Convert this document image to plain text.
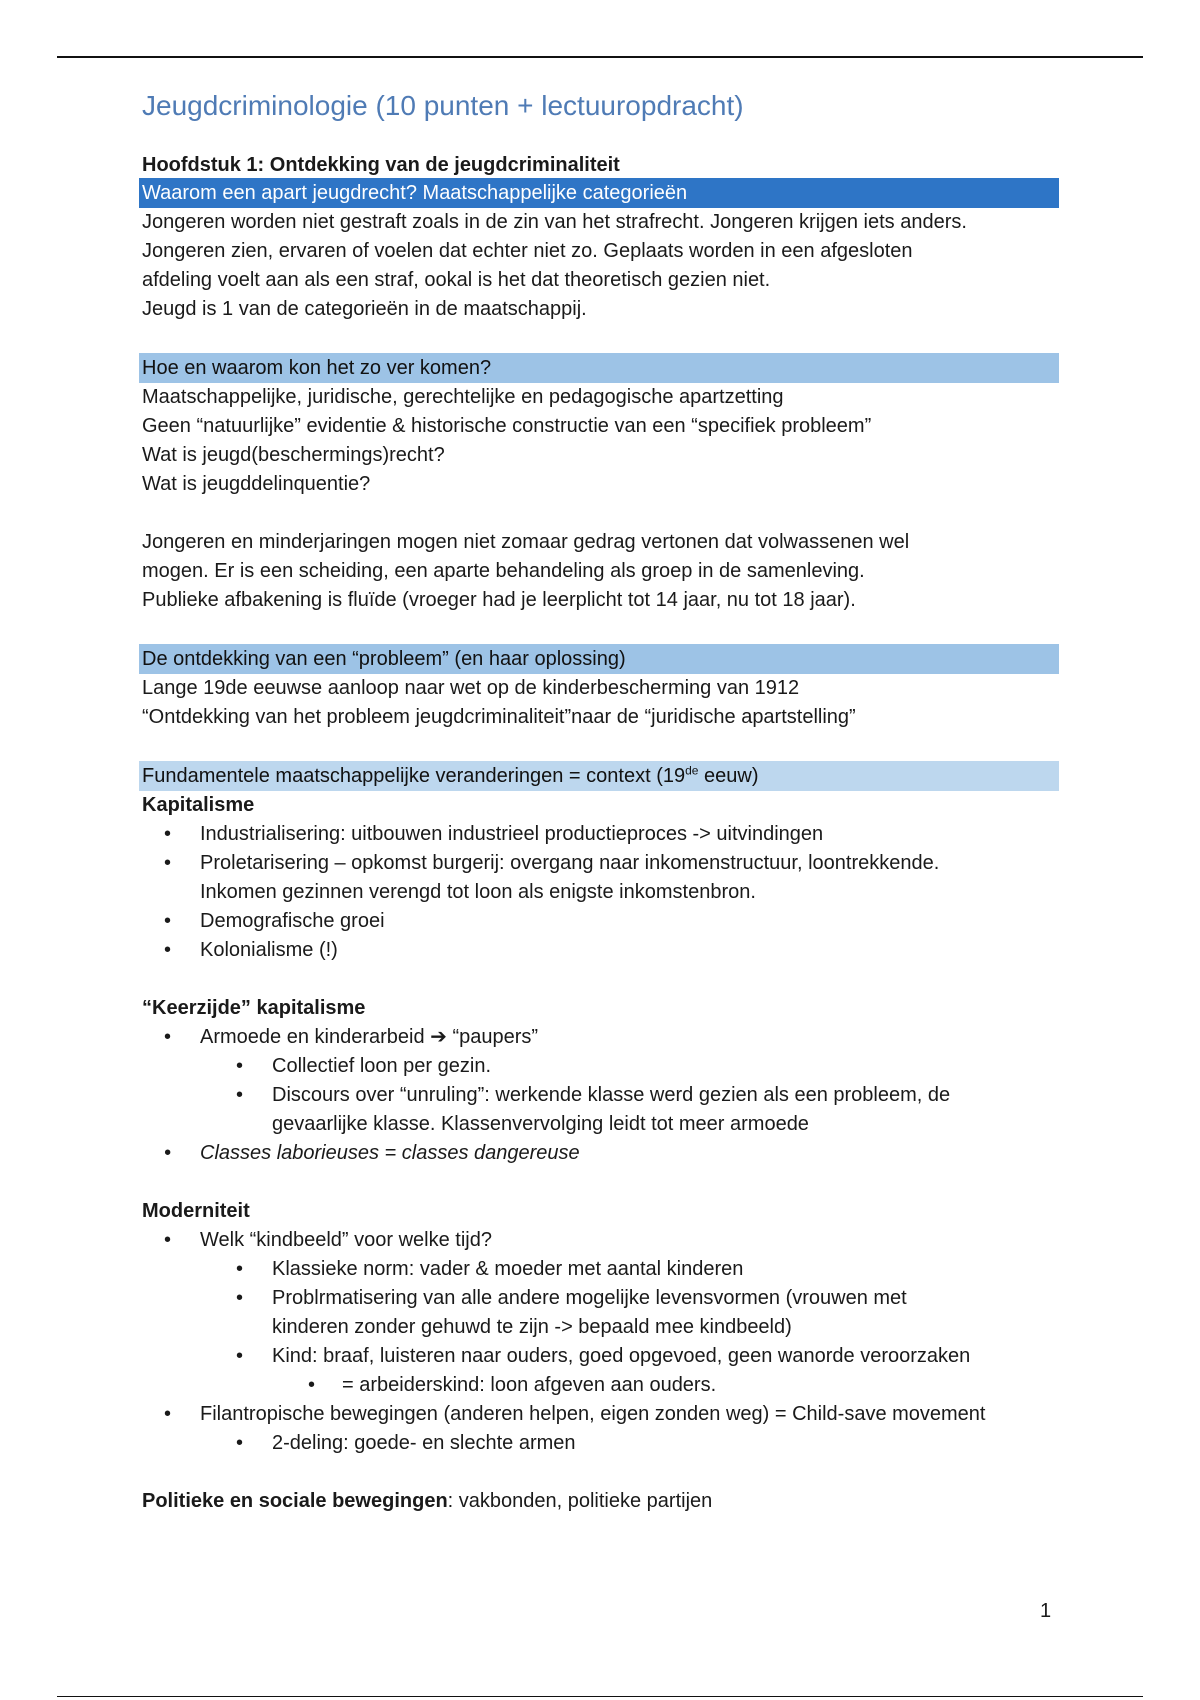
Jeugdcriminologie (10 punten + lectuuropdracht)
Hoofdstuk 1: Ontdekking van de jeugdcriminaliteit
Waarom een apart jeugdrecht? Maatschappelijke categorieën

Jongeren worden niet gestraft zoals in de zin van het strafrecht. Jongeren krijgen iets anders.

Jongeren zien, ervaren of voelen dat echter niet zo. Geplaats worden in een afgesloten

afdeling voelt aan als een straf, ookal is het dat theoretisch gezien niet.

Jeugd is 1 van de categorieën in de maatschappij.

Hoe en waarom kon het zo ver komen?

Maatschappelijke, juridische, gerechtelijke en pedagogische apartzetting

Geen “natuurlijke” evidentie & historische constructie van een “specifiek probleem”

Wat is jeugd(beschermings)recht?

Wat is jeugddelinquentie?

Jongeren en minderjaringen mogen niet zomaar gedrag vertonen dat volwassenen wel

mogen. Er is een scheiding, een aparte behandeling als groep in de samenleving.

Publieke afbakening is fluïde (vroeger had je leerplicht tot 14 jaar, nu tot 18 jaar).

De ontdekking van een “probleem” (en haar oplossing)

Lange 19de eeuwse aanloop naar wet op de kinderbescherming van 1912

“Ontdekking van het probleem jeugdcriminaliteit”naar de “juridische apartstelling”

Fundamentele maatschappelijke veranderingen = context (19de eeuw)

Kapitalisme

• Industrialisering: uitbouwen industrieel productieproces -> uitvindingen
• Proletarisering – opkomst burgerij: overgang naar inkomenstructuur, loontrekkende.
Inkomen gezinnen verengd tot loon als enigste inkomstenbron.
• Demografische groei
• Kolonialisme (!)

“Keerzijde” kapitalisme

• Armoede en kinderarbeid ➔ “paupers”
• Collectief loon per gezin.
• Discours over “unruling”: werkende klasse werd gezien als een probleem, de
gevaarlijke klasse. Klassenvervolging leidt tot meer armoede
• Classes laborieuses = classes dangereuse

Moderniteit

• Welk “kindbeeld” voor welke tijd?
• Klassieke norm: vader & moeder met aantal kinderen
• Problrmatisering van alle andere mogelijke levensvormen (vrouwen met
kinderen zonder gehuwd te zijn -> bepaald mee kindbeeld)
• Kind: braaf, luisteren naar ouders, goed opgevoed, geen wanorde veroorzaken
• = arbeiderskind: loon afgeven aan ouders.
• Filantropische bewegingen (anderen helpen, eigen zonden weg) = Child-save movement
• 2-deling: goede- en slechte armen

Politieke en sociale bewegingen: vakbonden, politieke partijen

1
